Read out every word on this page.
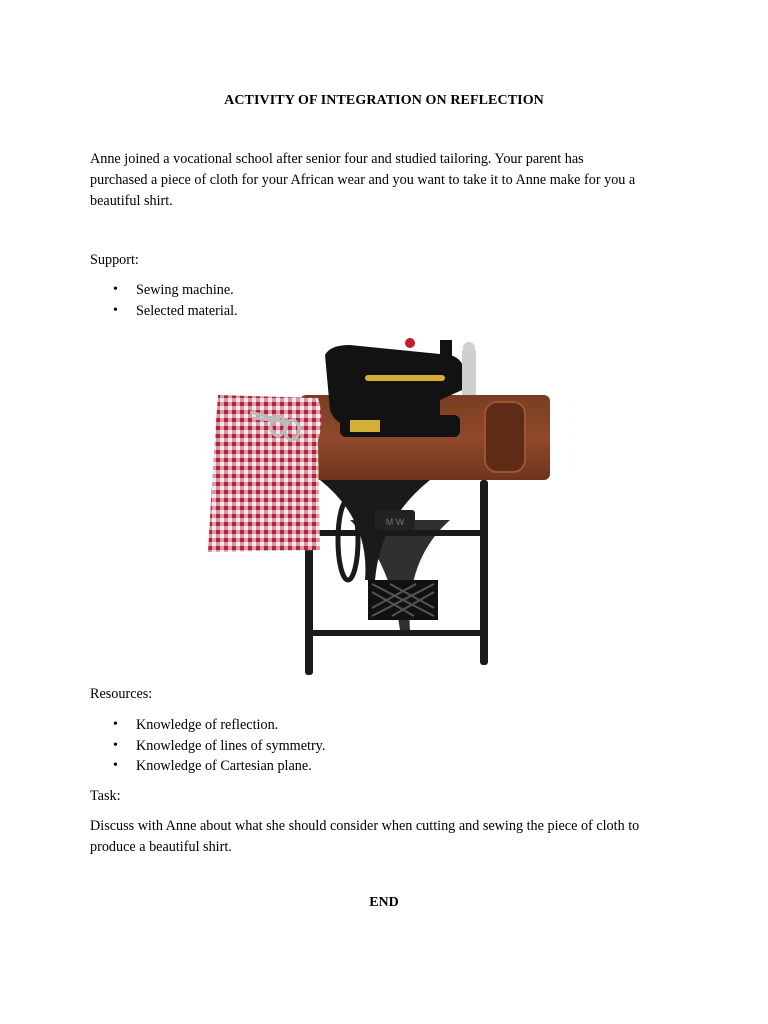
ACTIVITY OF INTEGRATION ON REFLECTION
Anne joined a vocational school after senior four and studied tailoring. Your parent has
purchased a piece of cloth for your African wear and you want to take it to Anne make for you a
beautiful shirt.
Support:
• Sewing machine.
• Selected material.
M W
Resources:
• Knowledge of reflection.
• Knowledge of lines of symmetry.
• Knowledge of Cartesian plane.
Task:
Discuss with Anne about what she should consider when cutting and sewing the piece of cloth to
produce a beautiful shirt.
END
